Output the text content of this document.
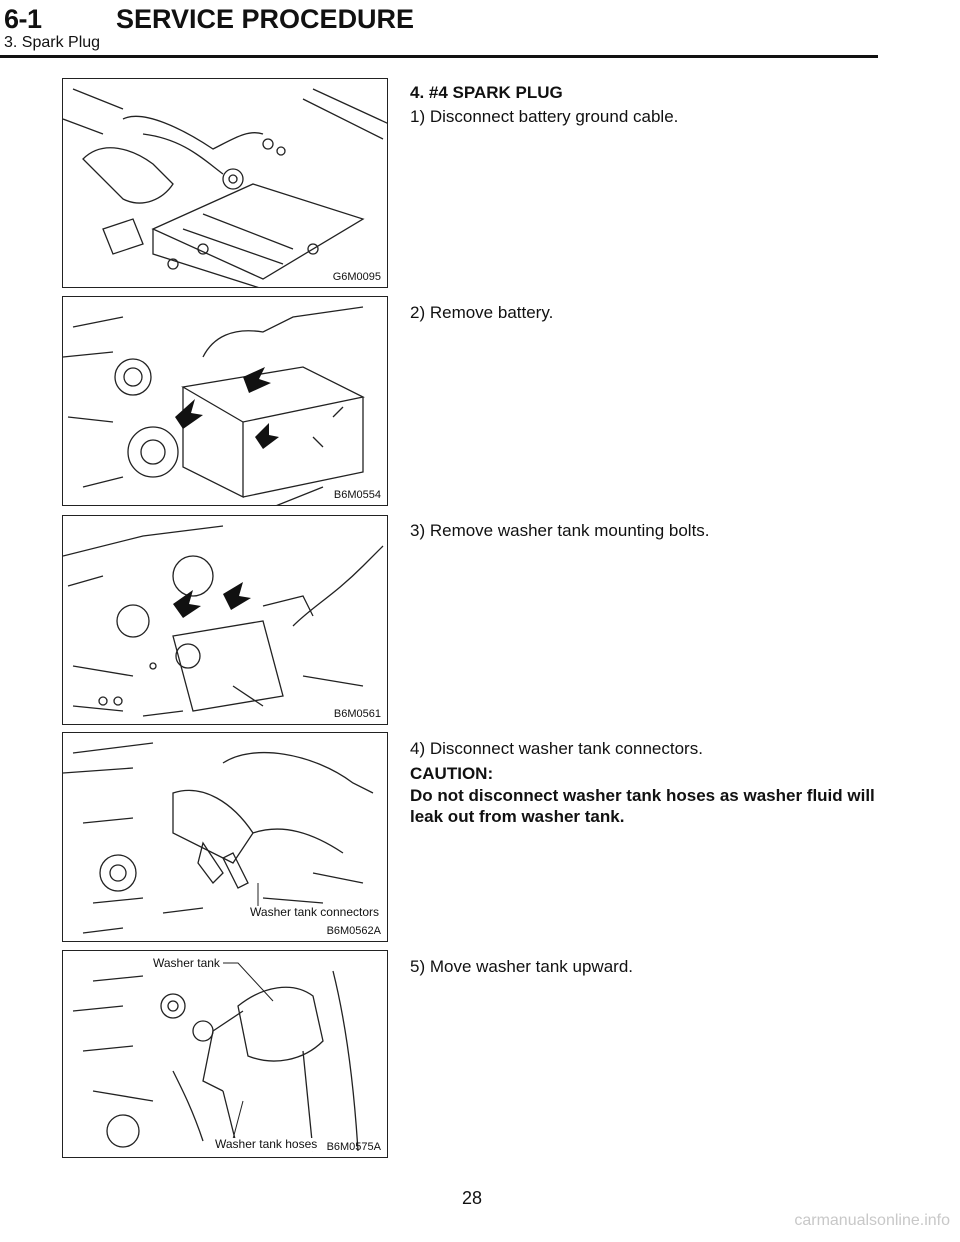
6-1	SERVICE PROCEDURE
3. Spark Plug
G6M0095
4. #4 SPARK PLUG
1) Disconnect battery ground cable.
B6M0554
2) Remove battery.
B6M0561
3) Remove washer tank mounting bolts.
Washer tank connectors
B6M0562A
4) Disconnect washer tank connectors.
CAUTION:
Do not disconnect washer tank hoses as washer fluid will leak out from washer tank.
Washer tank
Washer tank hoses B6M0575A
5) Move washer tank upward.
28
carmanualsonline.info
